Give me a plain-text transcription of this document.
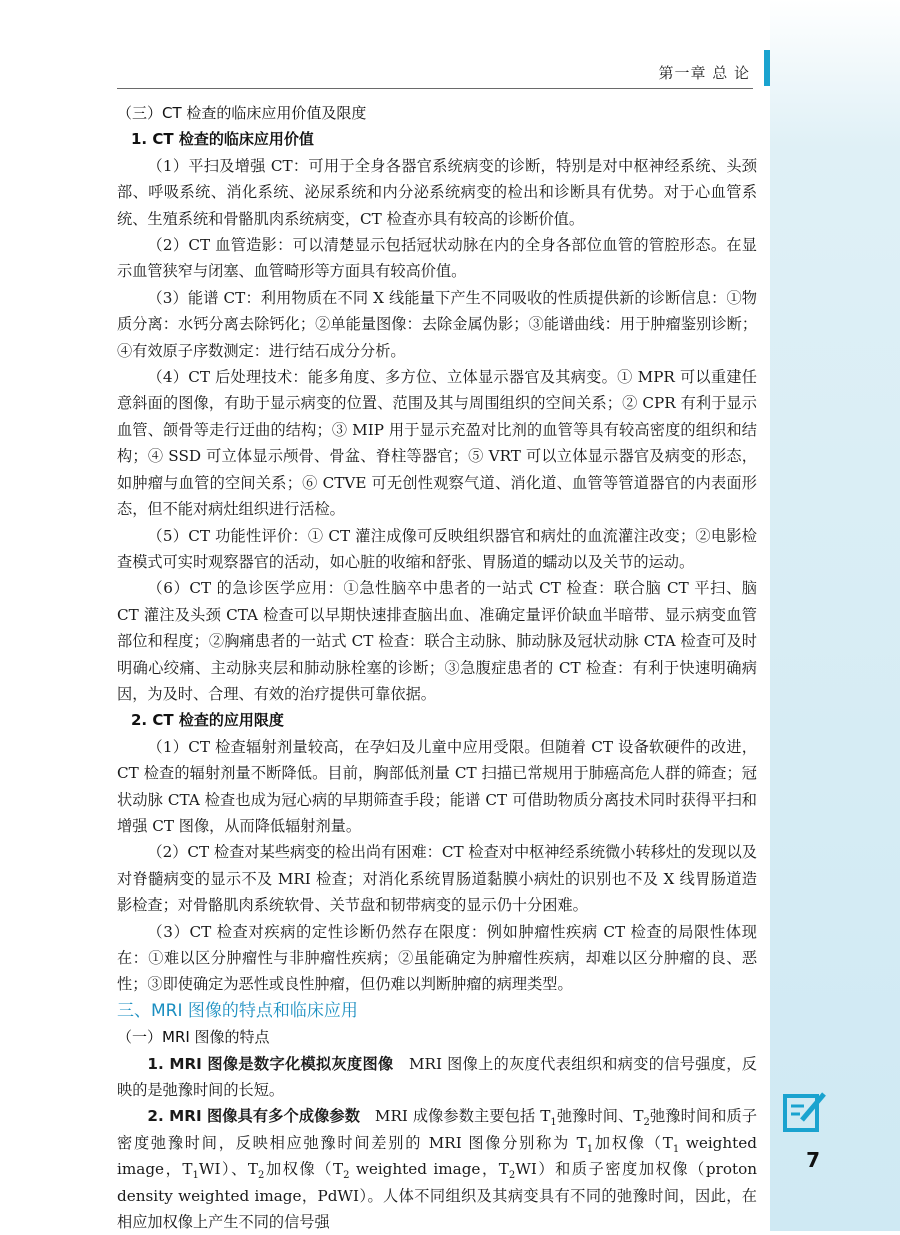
第一章 总 论

（三）CT 检查的临床应用价值及限度

1. CT 检查的临床应用价值

（1）平扫及增强 CT：可用于全身各器官系统病变的诊断，特别是对中枢神经系统、头颈部、呼吸系统、消化系统、泌尿系统和内分泌系统病变的检出和诊断具有优势。对于心血管系统、生殖系统和骨骼肌肉系统病变，CT 检查亦具有较高的诊断价值。

（2）CT 血管造影：可以清楚显示包括冠状动脉在内的全身各部位血管的管腔形态。在显示血管狭窄与闭塞、血管畸形等方面具有较高价值。

（3）能谱 CT：利用物质在不同 X 线能量下产生不同吸收的性质提供新的诊断信息：①物质分离：水钙分离去除钙化；②单能量图像：去除金属伪影；③能谱曲线：用于肿瘤鉴别诊断；④有效原子序数测定：进行结石成分分析。

（4）CT 后处理技术：能多角度、多方位、立体显示器官及其病变。① MPR 可以重建任意斜面的图像，有助于显示病变的位置、范围及其与周围组织的空间关系；② CPR 有利于显示血管、颌骨等走行迂曲的结构；③ MIP 用于显示充盈对比剂的血管等具有较高密度的组织和结构；④ SSD 可立体显示颅骨、骨盆、脊柱等器官；⑤ VRT 可以立体显示器官及病变的形态，如肿瘤与血管的空间关系；⑥ CTVE 可无创性观察气道、消化道、血管等管道器官的内表面形态，但不能对病灶组织进行活检。

（5）CT 功能性评价：① CT 灌注成像可反映组织器官和病灶的血流灌注改变；②电影检查模式可实时观察器官的活动，如心脏的收缩和舒张、胃肠道的蠕动以及关节的运动。

（6）CT 的急诊医学应用：①急性脑卒中患者的一站式 CT 检查：联合脑 CT 平扫、脑 CT 灌注及头颈 CTA 检查可以早期快速排查脑出血、准确定量评价缺血半暗带、显示病变血管部位和程度；②胸痛患者的一站式 CT 检查：联合主动脉、肺动脉及冠状动脉 CTA 检查可及时明确心绞痛、主动脉夹层和肺动脉栓塞的诊断；③急腹症患者的 CT 检查：有利于快速明确病因，为及时、合理、有效的治疗提供可靠依据。

2. CT 检查的应用限度

（1）CT 检查辐射剂量较高，在孕妇及儿童中应用受限。但随着 CT 设备软硬件的改进，CT 检查的辐射剂量不断降低。目前，胸部低剂量 CT 扫描已常规用于肺癌高危人群的筛查；冠状动脉 CTA 检查也成为冠心病的早期筛查手段；能谱 CT 可借助物质分离技术同时获得平扫和增强 CT 图像，从而降低辐射剂量。

（2）CT 检查对某些病变的检出尚有困难：CT 检查对中枢神经系统微小转移灶的发现以及对脊髓病变的显示不及 MRI 检查；对消化系统胃肠道黏膜小病灶的识别也不及 X 线胃肠道造影检查；对骨骼肌肉系统软骨、关节盘和韧带病变的显示仍十分困难。

（3）CT 检查对疾病的定性诊断仍然存在限度：例如肿瘤性疾病 CT 检查的局限性体现在：①难以区分肿瘤性与非肿瘤性疾病；②虽能确定为肿瘤性疾病，却难以区分肿瘤的良、恶性；③即使确定为恶性或良性肿瘤，但仍难以判断肿瘤的病理类型。

三、MRI 图像的特点和临床应用

（一）MRI 图像的特点

1. MRI 图像是数字化模拟灰度图像 MRI 图像上的灰度代表组织和病变的信号强度，反映的是弛豫时间的长短。

2. MRI 图像具有多个成像参数 MRI 成像参数主要包括 $T_1$弛豫时间、$T_2$弛豫时间和质子密度弛豫时间，反映相应弛豫时间差别的 MRI 图像分别称为 $T_1$加权像（$T_1$ weighted image，$T_1WI$）、$T_2$加权像（$T_2$ weighted image，$T_2WI$）和质子密度加权像（proton density weighted image，PdWI）。人体不同组织及其病变具有不同的弛豫时间，因此，在相应加权像上产生不同的信号强

7
